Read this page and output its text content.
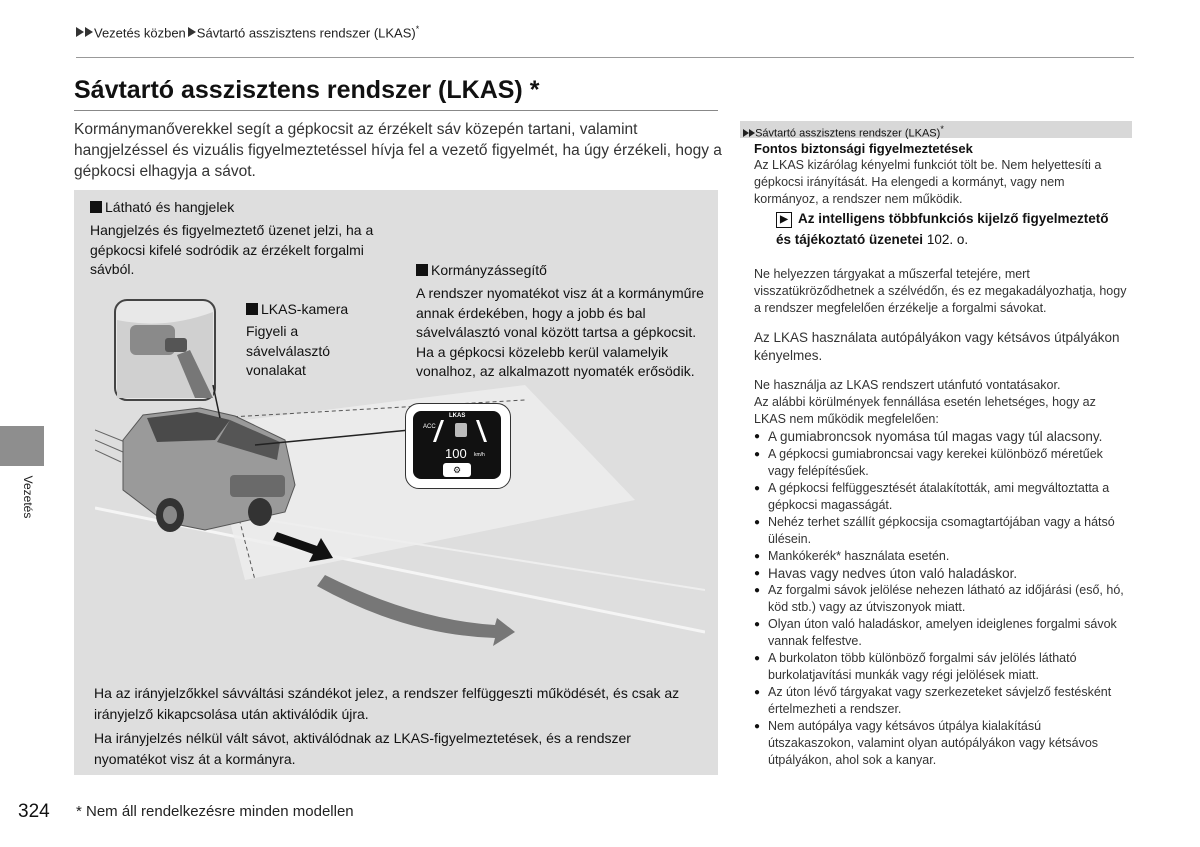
Vezetés közben Sávtartó asszisztens rendszer (LKAS)*
Sávtartó asszisztens rendszer (LKAS) *
Kormánymanőverekkel segít a gépkocsit az érzékelt sáv közepén tartani, valamint hangjelzéssel és vizuális figyelmeztetéssel hívja fel a vezető figyelmét, ha úgy érzékeli, hogy a gépkocsi elhagyja a sávot.
Látható és hangjelek
Hangjelzés és figyelmeztető üzenet jelzi, ha a gépkocsi kifelé sodródik az érzékelt forgalmi sávból.	Kormányzássegítő
A rendszer nyomatékot visz át a kormányműre annak érdekében, hogy a jobb és bal sávelválasztó vonal között tartsa a gépkocsit. Ha a gépkocsi közelebb kerül valamelyik vonalhoz, az alkalmazott nyomaték erősödik.
LKAS-kamera
Figyeli a sávelválasztó vonalakat
LKAS
ACC
100 km/h
⚙

Ha az irányjelzőkkel sávváltási szándékot jelez, a rendszer felfüggeszti működését, és csak az irányjelző kikapcsolása után aktiválódik újra.

Ha irányjelzés nélkül vált sávot, aktiválódnak az LKAS-figyelmeztetések, és a rendszer nyomatékot visz át a kormányra.

Vezetés
324 * Nem áll rendelkezésre minden modellen
Sávtartó asszisztens rendszer (LKAS)*
Fontos biztonsági figyelmeztetések

Az LKAS kizárólag kényelmi funkciót tölt be. Nem helyettesíti a gépkocsi irányítását. Ha elengedi a kormányt, vagy nem kormányoz, a rendszer nem működik.

▶ Az intelligens többfunkciós kijelző figyelmeztető
és tájékoztató üzenetei 102. o.

Ne helyezzen tárgyakat a műszerfal tetejére, mert visszatükröződhetnek a szélvédőn, és ez megakadályozhatja, hogy a rendszer megfelelően érzékelje a forgalmi sávokat.

Az LKAS használata autópályákon vagy kétsávos útpályákon kényelmes.

Ne használja az LKAS rendszert utánfutó vontatásakor.

Az alábbi körülmények fennállása esetén lehetséges, hogy az LKAS nem működik megfelelően:

● A gumiabroncsok nyomása túl magas vagy túl alacsony.
● A gépkocsi gumiabroncsai vagy kerekei különböző méretűek vagy felépítésűek.
● A gépkocsi felfüggesztését átalakították, ami megváltoztatta a gépkocsi magasságát.
● Nehéz terhet szállít gépkocsija csomagtartójában vagy a hátsó ülésein.
● Mankókerék* használata esetén.
● Havas vagy nedves úton való haladáskor.
● Az forgalmi sávok jelölése nehezen látható az időjárási (eső, hó, köd stb.) vagy az útviszonyok miatt.
● Olyan úton való haladáskor, amelyen ideiglenes forgalmi sávok vannak felfestve.
● A burkolaton több különböző forgalmi sáv jelölés látható burkolatjavítási munkák vagy régi jelölések miatt.
● Az úton lévő tárgyakat vagy szerkezeteket sávjelző festésként értelmezheti a rendszer.
● Nem autópálya vagy kétsávos útpálya kialakítású útszakaszokon, valamint olyan autópályákon vagy kétsávos útpályákon, ahol sok a kanyar.
